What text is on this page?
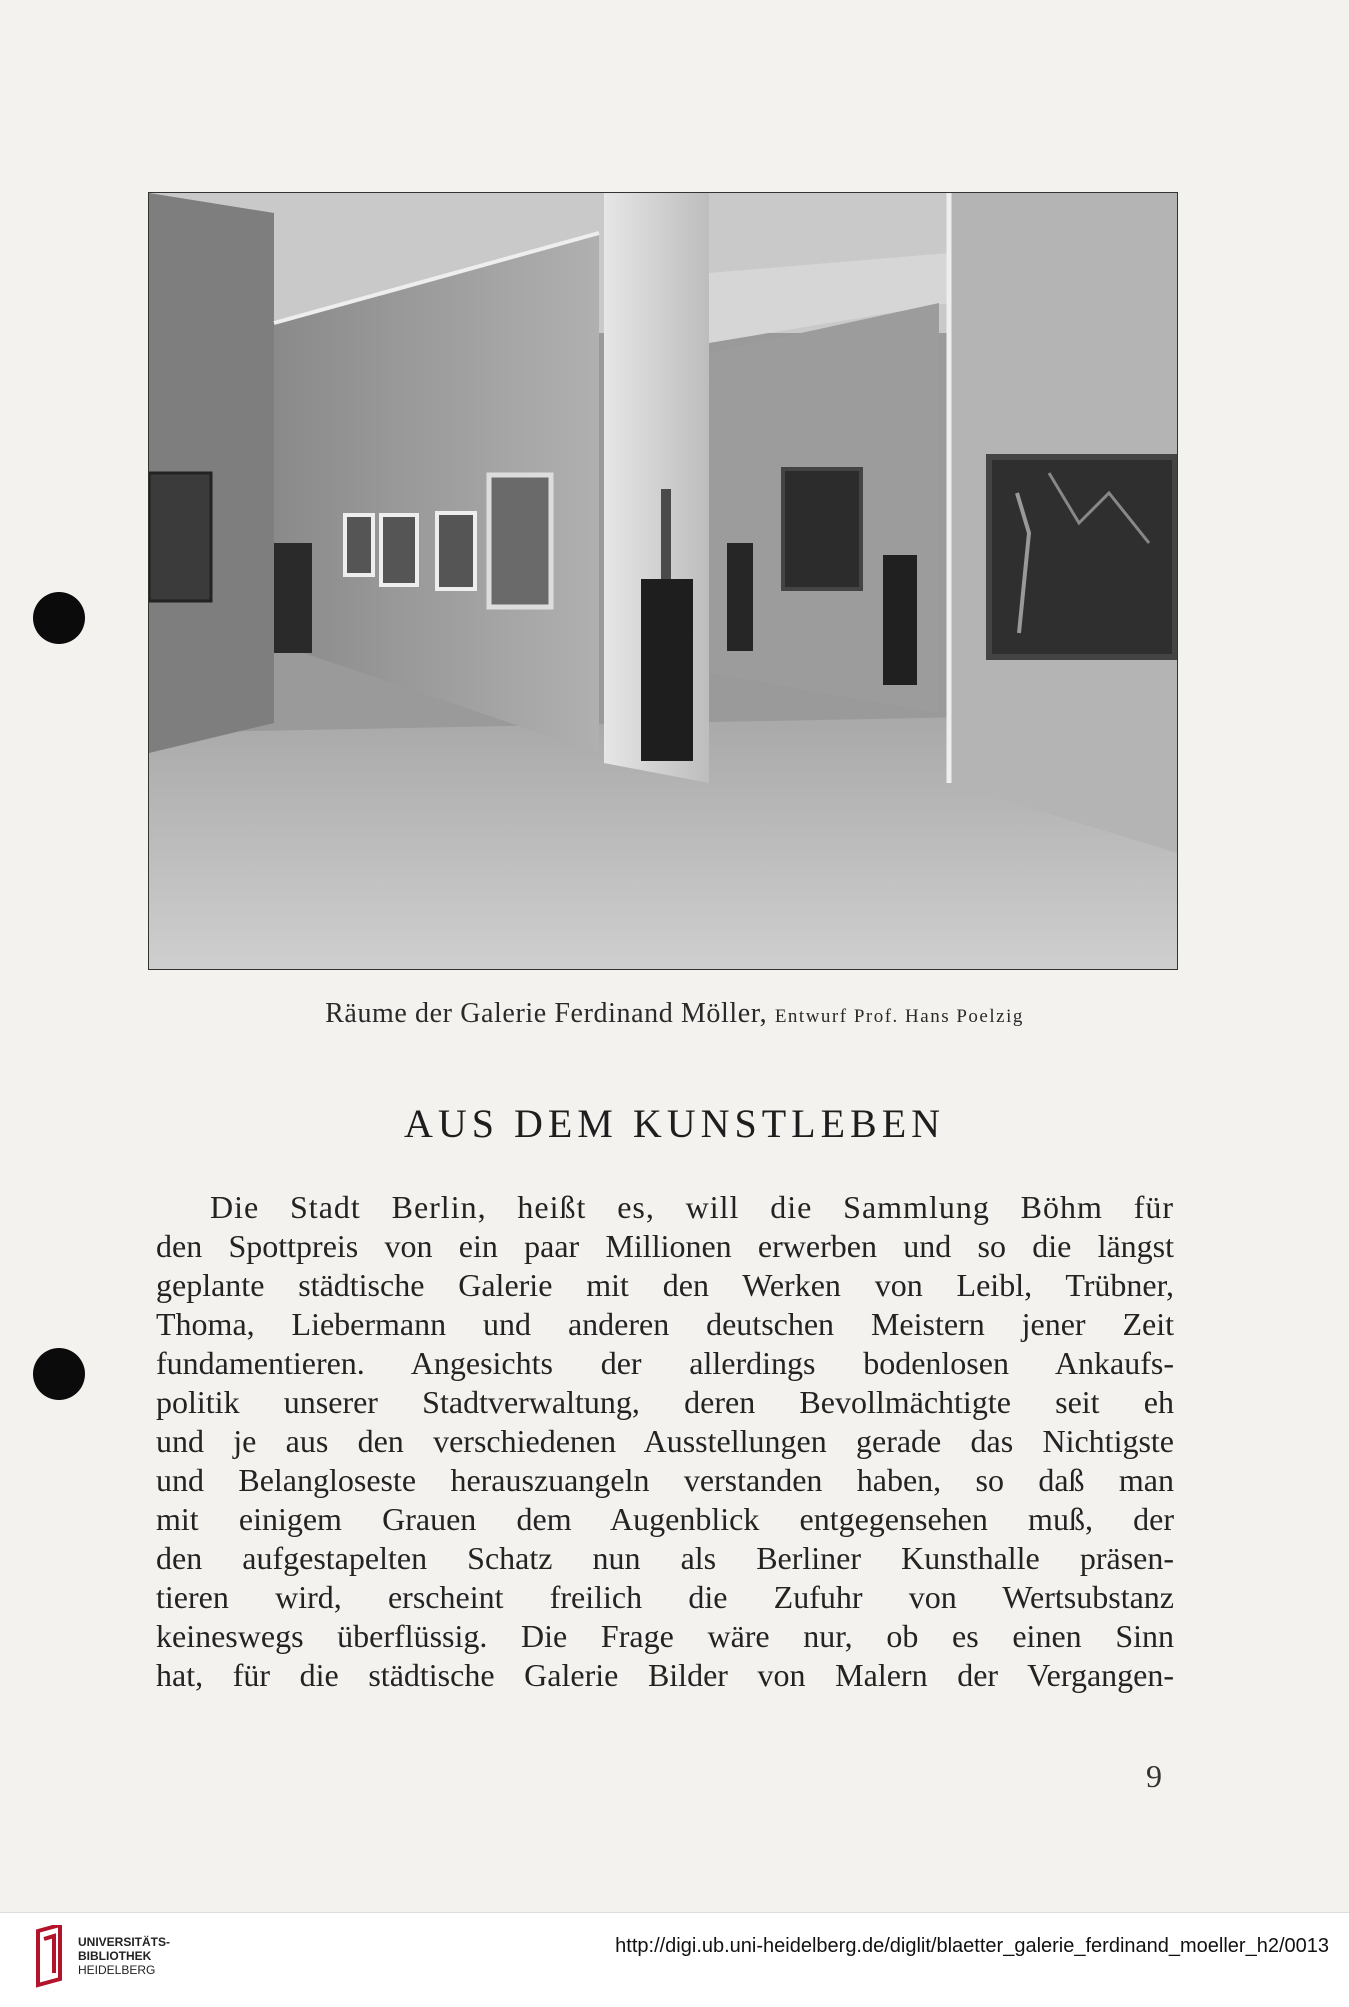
Räume der Galerie Ferdinand Möller, Entwurf Prof. Hans Poelzig
AUS DEM KUNSTLEBEN
Die Stadt Berlin, heißt es, will die Sammlung Böhm für
den Spottpreis von ein paar Millionen erwerben und so die längst
geplante städtische Galerie mit den Werken von Leibl, Trübner,
Thoma, Liebermann und anderen deutschen Meistern jener Zeit
fundamentieren. Angesichts der allerdings bodenlosen Ankaufs-
politik unserer Stadtverwaltung, deren Bevollmächtigte seit eh
und je aus den verschiedenen Ausstellungen gerade das Nichtigste
und Belangloseste herauszuangeln verstanden haben, so daß man
mit einigem Grauen dem Augenblick entgegensehen muß, der
den aufgestapelten Schatz nun als Berliner Kunsthalle präsen-
tieren wird, erscheint freilich die Zufuhr von Wertsubstanz
keineswegs überflüssig. Die Frage wäre nur, ob es einen Sinn
hat, für die städtische Galerie Bilder von Malern der Vergangen-
9
UNIVERSITÄTS-
BIBLIOTHEK
HEIDELBERG
http://digi.ub.uni-heidelberg.de/diglit/blaetter_galerie_ferdinand_moeller_h2/0013
